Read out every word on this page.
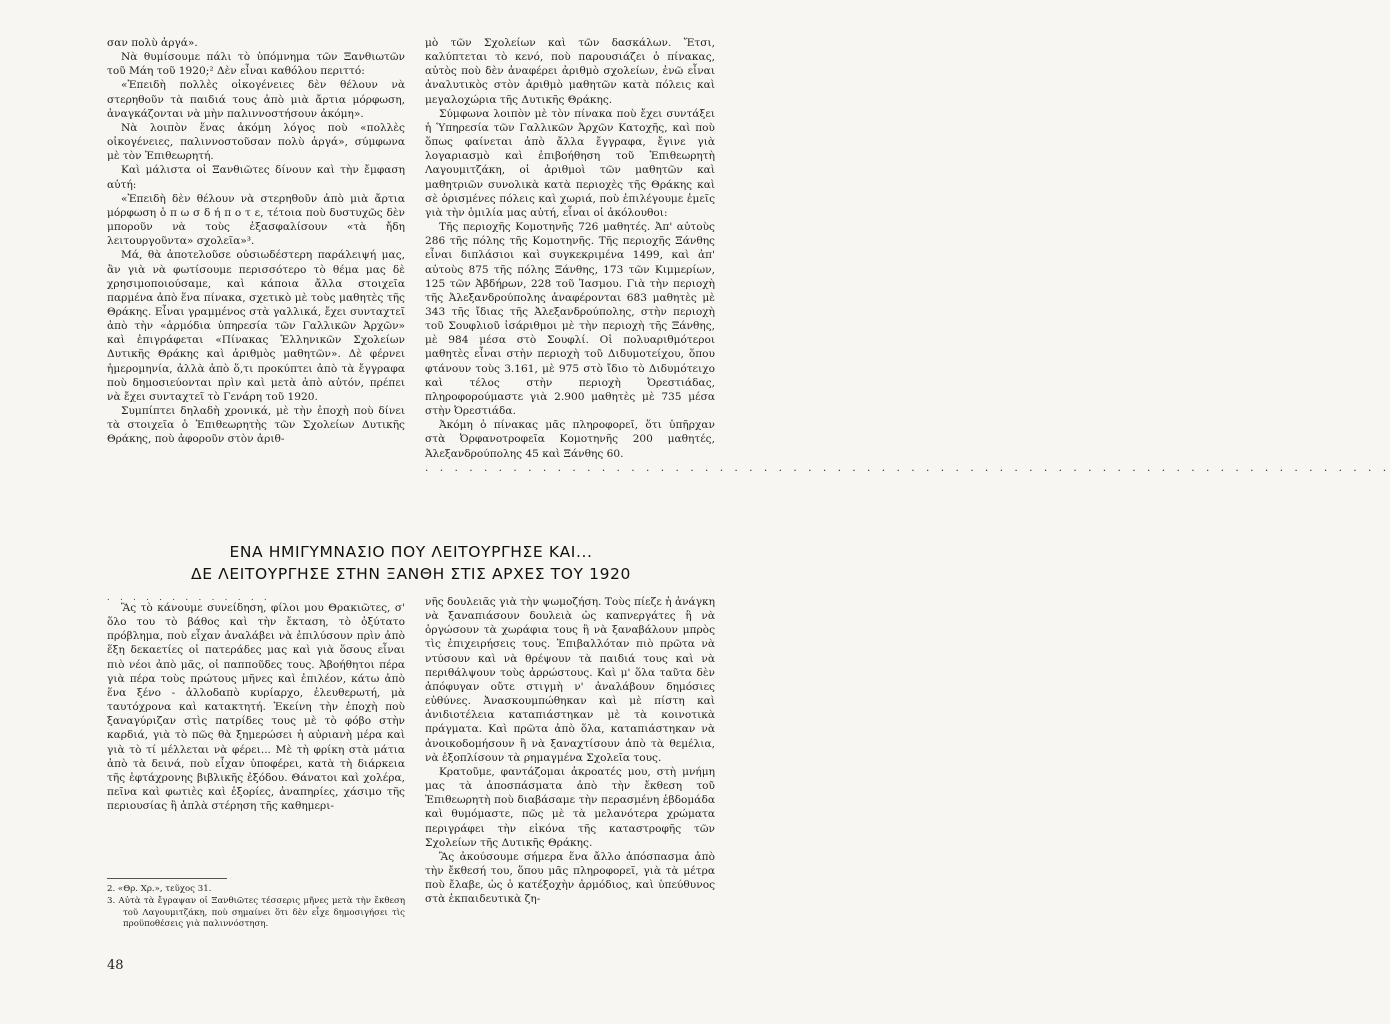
σαν πολὺ ἀργά».

Νὰ θυμίσουμε πάλι τὸ ὑπόμνημα τῶν Ξανθιωτῶν τοῦ Μάη τοῦ 1920;² Δὲν εἶναι καθόλου περιττό:

«Ἐπειδὴ πολλὲς οἰκογένειες δὲν θέλουν νὰ στερηθοῦν τὰ παιδιά τους ἀπὸ μιὰ ἄρτια μόρφωση, ἀναγκάζονται νὰ μὴν παλιννοστήσουν ἀκόμη».

Νὰ λοιπὸν ἕνας ἀκόμη λόγος ποὺ «πολλὲς οἰκογένειες, παλιννοστοῦσαν πολὺ ἀργά», σύμφωνα μὲ τὸν Ἐπιθεωρητή.

Καὶ μάλιστα οἱ Ξανθιῶτες δίνουν καὶ τὴν ἔμφαση αὐτή:

«Ἐπειδὴ δὲν θέλουν νὰ στερηθοῦν ἀπὸ μιὰ ἄρτια μόρφωση ὁ π ω σ δ ή π ο τ ε, τέτοια ποὺ δυστυχῶς δὲν μποροῦν νὰ τοὺς ἐξασφαλίσουν «τὰ ἤδη λειτουργοῦντα» σχολεῖα»³.

Μά, θὰ ἀποτελοῦσε οὐσιωδέστερη παράλειψή μας, ἂν γιὰ νὰ φωτίσουμε περισσότερο τὸ θέμα μας δὲ χρησιμοποιούσαμε, καὶ κάποια ἄλλα στοιχεῖα παρμένα ἀπὸ ἕνα πίνακα, σχετικὸ μὲ τοὺς μαθητὲς τῆς Θράκης. Εἶναι γραμμένος στὰ γαλλικά, ἔχει συνταχτεῖ ἀπὸ τὴν «ἁρμόδια ὑπηρεσία τῶν Γαλλικῶν Ἀρχῶν» καὶ ἐπιγράφεται «Πίνακας Ἑλληνικῶν Σχολείων Δυτικῆς Θράκης καὶ ἀριθμὸς μαθητῶν». Δὲ φέρνει ἡμερομηνία, ἀλλὰ ἀπὸ ὅ,τι προκύπτει ἀπὸ τὰ ἔγγραφα ποὺ δημοσιεύονται πρὶν καὶ μετὰ ἀπὸ αὐτόν, πρέπει νὰ ἔχει συνταχτεῖ τὸ Γενάρη τοῦ 1920.

Συμπίπτει δηλαδὴ χρονικά, μὲ τὴν ἐποχὴ ποὺ δίνει τὰ στοιχεῖα ὁ Ἐπιθεωρητὴς τῶν Σχολείων Δυτικῆς Θράκης, ποὺ ἀφοροῦν στὸν ἀριθ-

μὸ τῶν Σχολείων καὶ τῶν δασκάλων. Ἔτσι, καλύπτεται τὸ κενό, ποὺ παρουσιάζει ὁ πίνακας, αὐτὸς ποὺ δὲν ἀναφέρει ἀριθμὸ σχολείων, ἐνῶ εἶναι ἀναλυτικὸς στὸν ἀριθμὸ μαθητῶν κατὰ πόλεις καὶ μεγαλοχώρια τῆς Δυτικῆς Θράκης.

Σύμφωνα λοιπὸν μὲ τὸν πίνακα ποὺ ἔχει συντάξει ἡ Ὑπηρεσία τῶν Γαλλικῶν Ἀρχῶν Κατοχῆς, καὶ ποὺ ὅπως φαίνεται ἀπὸ ἄλλα ἔγγραφα, ἔγινε γιὰ λογαριασμὸ καὶ ἐπιβοήθηση τοῦ Ἐπιθεωρητὴ Λαγουμιτζάκη, οἱ ἀριθμοὶ τῶν μαθητῶν καὶ μαθητριῶν συνολικὰ κατὰ περιοχὲς τῆς Θράκης καὶ σὲ ὁρισμένες πόλεις καὶ χωριά, ποὺ ἐπιλέγουμε ἐμεῖς γιὰ τὴν ὁμιλία μας αὐτή, εἶναι οἱ ἀκόλουθοι:

Τῆς περιοχῆς Κομοτηνῆς 726 μαθητές. Ἀπ' αὐτοὺς 286 τῆς πόλης τῆς Κομοτηνῆς. Τῆς περιοχῆς Ξάνθης εἶναι διπλάσιοι καὶ συγκεκριμένα 1499, καὶ ἀπ' αὐτοὺς 875 τῆς πόλης Ξάνθης, 173 τῶν Κιμμερίων, 125 τῶν Ἀβδήρων, 228 τοῦ Ἰασμου. Γιὰ τὴν περιοχὴ τῆς Ἀλεξανδρούπολης ἀναφέρονται 683 μαθητὲς μὲ 343 τῆς ἴδιας τῆς Ἀλεξανδρούπολης, στὴν περιοχὴ τοῦ Σουφλιοῦ ἰσάριθμοι μὲ τὴν περιοχὴ τῆς Ξάνθης, μὲ 984 μέσα στὸ Σουφλί. Οἱ πολυαριθμότεροι μαθητὲς εἶναι στὴν περιοχὴ τοῦ Διδυμοτείχου, ὅπου φτάνουν τοὺς 3.161, μὲ 975 στὸ ἴδιο τὸ Διδυμότειχο καὶ τέλος στὴν περιοχὴ Ὀρεστιάδας, πληροφορούμαστε γιὰ 2.900 μαθητὲς μὲ 735 μέσα στὴν Ὀρεστιάδα.

Ἀκόμη ὁ πίνακας μᾶς πληροφορεῖ, ὅτι ὑπῆρχαν στὰ Ὀρφανοτροφεῖα Κομοτηνῆς 200 μαθητές, Ἀλεξανδρούπολης 45 καὶ Ξάνθης 60.

. . . . . . . . . . . . . . . . . . . . . . . . . . . . . . . . . . . . . . . . . . . . . . . . . . . . . . . . . . . . . . . . . .
ΕΝΑ ΗΜΙΓΥΜΝΑΣΙΟ ΠΟΥ ΛΕΙΤΟΥΡΓΗΣΕ ΚΑΙ...
ΔΕ ΛΕΙΤΟΥΡΓΗΣΕ ΣΤΗΝ ΞΑΝΘΗ ΣΤΙΣ ΑΡΧΕΣ ΤΟΥ 1920
. . . . . . . . . . . . .

Ἂς τὸ κάνουμε συνείδηση, φίλοι μου Θρακιῶτες, σ' ὅλο του τὸ βάθος καὶ τὴν ἔκταση, τὸ ὀξύτατο πρόβλημα, ποὺ εἶχαν ἀναλάβει νὰ ἐπιλύσουν πρὶν ἀπὸ ἕξη δεκαετίες οἱ πατεράδες μας καὶ γιὰ ὅσους εἶναι πιὸ νέοι ἀπὸ μᾶς, οἱ παπποῦδες τους. Ἀβοήθητοι πέρα γιὰ πέρα τοὺς πρώτους μῆνες καὶ ἐπιλέον, κάτω ἀπὸ ἕνα ξένο - ἀλλοδαπὸ κυρίαρχο, ἐλευθερωτή, μὰ ταυτόχρονα καὶ κατακτητή. Ἐκείνη τὴν ἐποχὴ ποὺ ξαναγύριζαν στὶς πατρίδες τους μὲ τὸ φόβο στὴν καρδιά, γιὰ τὸ πῶς θὰ ξημερώσει ἡ αὐριανὴ μέρα καὶ γιὰ τὸ τί μέλλεται νὰ φέρει... Μὲ τὴ φρίκη στὰ μάτια ἀπὸ τὰ δεινά, ποὺ εἶχαν ὑποφέρει, κατὰ τὴ διάρκεια τῆς ἑφτάχρονης βιβλικῆς ἐξόδου. Θάνατοι καὶ χολέρα, πεῖνα καὶ φωτιὲς καὶ ἐξορίες, ἀναπηρίες, χάσιμο τῆς περιουσίας ἢ ἁπλὰ στέρηση τῆς καθημερι-

νῆς δουλειᾶς γιὰ τὴν ψωμοζήση. Τοὺς πίεζε ἡ ἀνάγκη νὰ ξαναπιάσουν δουλειὰ ὡς καπνεργάτες ἢ νὰ ὀργώσουν τὰ χωράφια τους ἢ νὰ ξαναβάλουν μπρὸς τὶς ἐπιχειρήσεις τους. Ἐπιβαλλόταν πιὸ πρῶτα νὰ ντύσουν καὶ νὰ θρέψουν τὰ παιδιά τους καὶ νὰ περιθάλψουν τοὺς ἀρρώστους. Καὶ μ' ὅλα ταῦτα δὲν ἀπόφυγαν οὔτε στιγμὴ ν' ἀναλάβουν δημόσιες εὐθύνες. Ἀνασκουμπώθηκαν καὶ μὲ πίστη καὶ ἀνιδιοτέλεια καταπιάστηκαν μὲ τὰ κοινοτικὰ πράγματα. Καὶ πρῶτα ἀπὸ ὅλα, καταπιάστηκαν νὰ ἀνοικοδομήσουν ἢ νὰ ξαναχτίσουν ἀπὸ τὰ θεμέλια, νὰ ἐξοπλίσουν τὰ ρημαγμένα Σχολεῖα τους.

Κρατοῦμε, φαντάζομαι ἀκροατές μου, στὴ μνήμη μας τὰ ἀποσπάσματα ἀπὸ τὴν ἔκθεση τοῦ Ἐπιθεωρητὴ ποὺ διαβάσαμε τὴν περασμένη ἑβδομάδα καὶ θυμόμαστε, πῶς μὲ τὰ μελανότερα χρώματα περιγράφει τὴν εἰκόνα τῆς καταστροφῆς τῶν Σχολείων τῆς Δυτικῆς Θράκης.

Ἂς ἀκούσουμε σήμερα ἕνα ἄλλο ἀπόσπασμα ἀπὸ τὴν ἔκθεσή του, ὅπου μᾶς πληροφορεῖ, γιὰ τὰ μέτρα ποὺ ἔλαβε, ὡς ὁ κατέξοχὴν ἁρμόδιος, καὶ ὑπεύθυνος στὰ ἐκπαιδευτικὰ ζη-

2. «Θρ. Χρ.», τεῦχος 31.

3. Αὐτὰ τὰ ἔγραψαν οἱ Ξανθιῶτες τέσσερις μῆνες μετὰ τὴν ἔκθεση τοῦ Λαγουμιτζάκη, ποὺ σημαίνει ὅτι δὲν εἶχε δημοσιγήσει τὶς προϋποθέσεις γιὰ παλιννόστηση.

48
